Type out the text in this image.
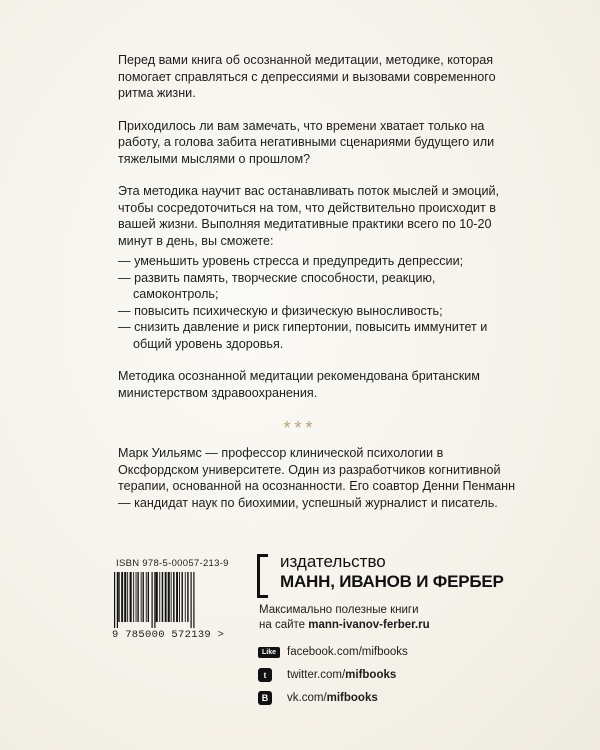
Перед вами книга об осознанной медитации, методике, которая помогает справляться с депрессиями и вызовами современного ритма жизни.

Приходилось ли вам замечать, что времени хватает только на работу, а голова забита негативными сценариями будущего или тяжелыми мыслями о прошлом?

Эта методика научит вас останавливать поток мыслей и эмоций, чтобы сосредоточиться на том, что действительно происходит в вашей жизни. Выполняя медитативные практики всего по 10-20 минут в день, вы сможете:

— уменьшить уровень стресса и предупредить депрессии;
— развить память, творческие способности, реакцию, самоконтроль;
— повысить психическую и физическую выносливость;
— снизить давление и риск гипертонии, повысить иммунитет и общий уровень здоровья.

Методика осознанной медитации рекомендована британским министерством здравоохранения.

***

Марк Уильямс — профессор клинической психологии в Оксфордском университете. Один из разработчиков когнитивной терапии, основанной на осознанности. Его соавтор Денни Пенманн — кандидат наук по биохимии, успешный журналист и писатель.

ISBN 978-5-00057-213-9
9 785000 572139 >
издательство
МАНН, ИВАНОВ И ФЕРБЕР
Максимально полезные книги
на сайте mann-ivanov-ferber.ru
Like facebook.com/mifbooks
t twitter.com/mifbooks
B vk.com/mifbooks
